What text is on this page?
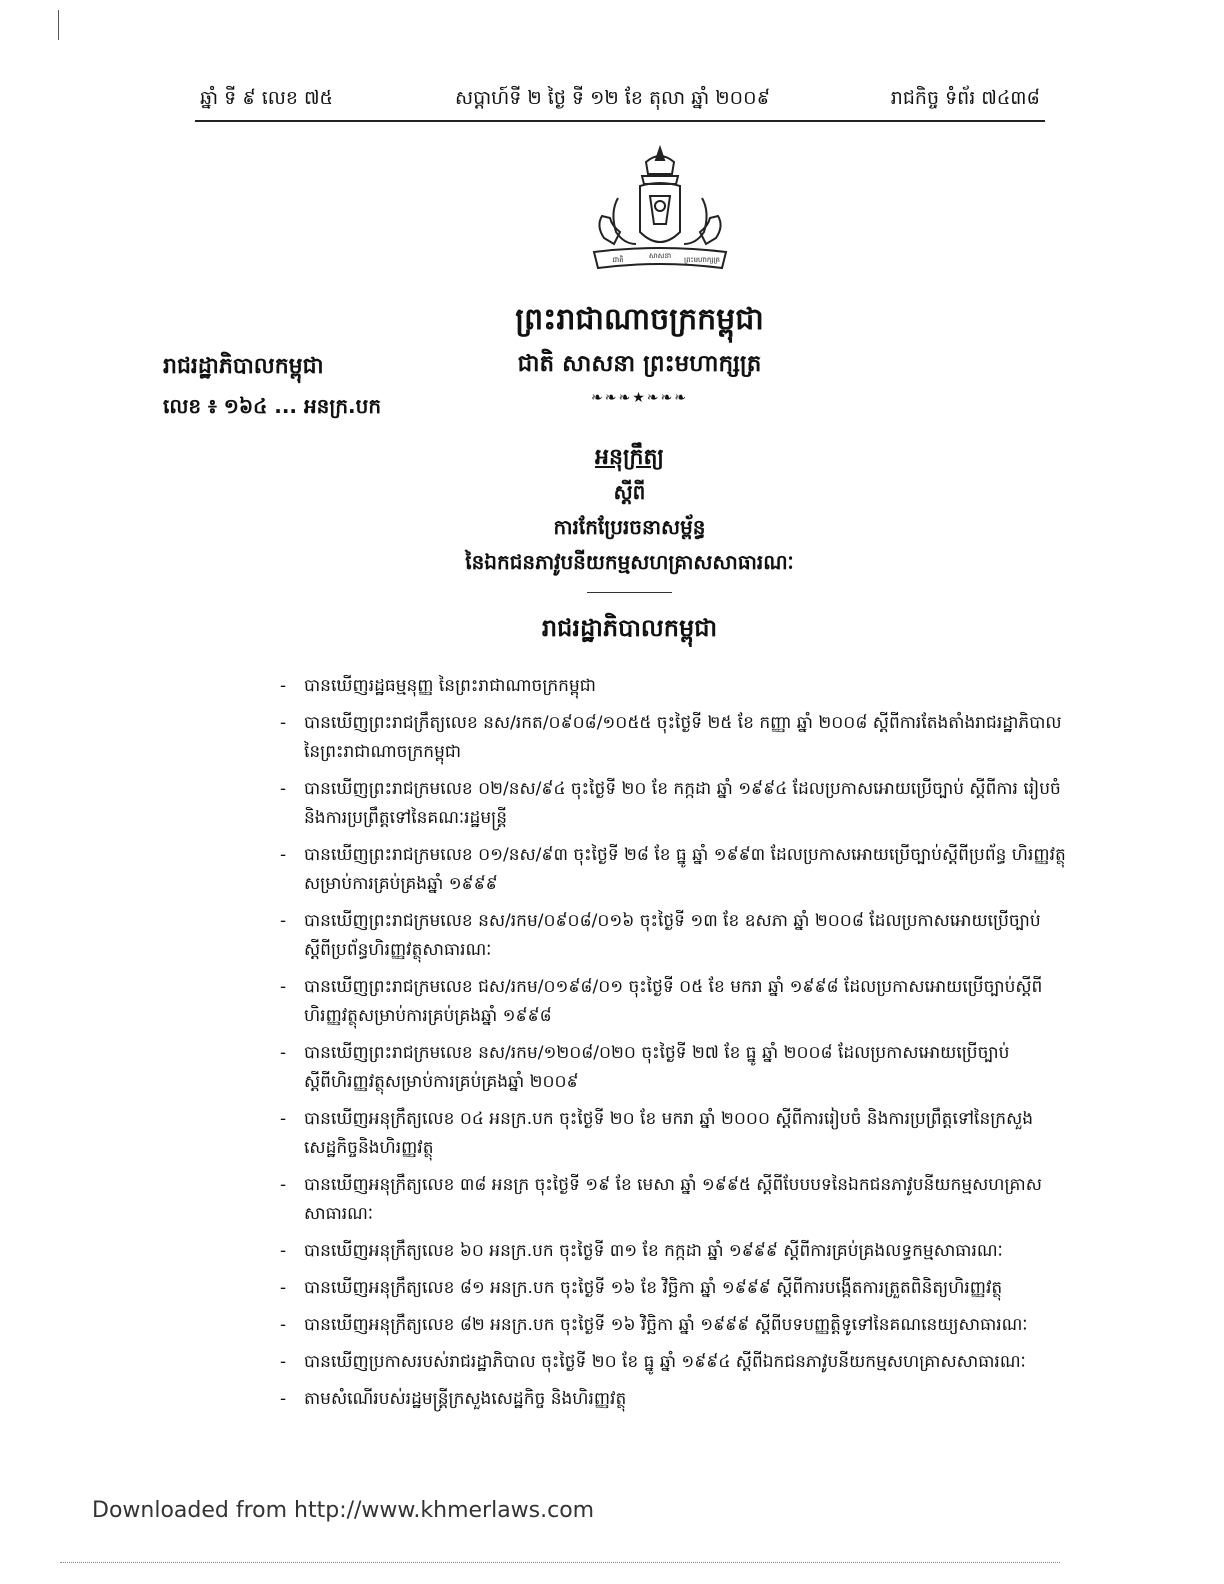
ឆ្នាំ ទី ៩ លេខ ៧៥	សប្តាហ៍ទី ២ ថ្ងៃ ទី ១២ ខែ តុលា ឆ្នាំ ២០០៩	រាជកិច្ច ទំព័រ ៧៤៣៨
ជាតិ	សាសនា ព្រះមហាក្សត្រ
ព្រះរាជាណាចក្រកម្ពុជា
ជាតិ សាសនា ព្រះមហាក្សត្រ
❧❧❧★❧❧❧
រាជរដ្ឋាភិបាលកម្ពុជា
លេខ ៖ ១៦៤ ... អនក្រ.បក
អនុក្រឹត្យ
ស្តីពី
ការកែប្រែរចនាសម្ព័ន្ធ
នៃឯកជនភាវូបនីយកម្មសហគ្រាសសាធារណៈ
រាជរដ្ឋាភិបាលកម្ពុជា
- បានឃើញរដ្ឋធម្មនុញ្ញ នៃព្រះរាជាណាចក្រកម្ពុជា
- បានឃើញព្រះរាជក្រឹត្យលេខ នស/រកត/០៩០៨/១០៥៥ ចុះថ្ងៃទី ២៥ ខែ កញ្ញា ឆ្នាំ ២០០៨ ស្តីពីការតែងតាំងរាជរដ្ឋាភិបាល នៃព្រះរាជាណាចក្រកម្ពុជា
- បានឃើញព្រះរាជក្រមលេខ ០២/នស/៩៤ ចុះថ្ងៃទី ២០ ខែ កក្កដា ឆ្នាំ ១៩៩៤ ដែលប្រកាសអោយប្រើច្បាប់ ស្តីពីការ រៀបចំ និងការប្រព្រឹត្តទៅនៃគណៈរដ្ឋមន្ត្រី
- បានឃើញព្រះរាជក្រមលេខ ០១/នស/៩៣ ចុះថ្ងៃទី ២៨ ខែ ធ្នូ ឆ្នាំ ១៩៩៣ ដែលប្រកាសអោយប្រើច្បាប់ស្តីពីប្រព័ន្ធ ហិរញ្ញវត្ថុសម្រាប់ការគ្រប់គ្រងឆ្នាំ ១៩៩៩
- បានឃើញព្រះរាជក្រមលេខ នស/រកម/០៩០៨/០១៦ ចុះថ្ងៃទី ១៣ ខែ ឧសភា ឆ្នាំ ២០០៨ ដែលប្រកាសអោយប្រើច្បាប់ ស្តីពីប្រព័ន្ធហិរញ្ញវត្ថុសាធារណៈ
- បានឃើញព្រះរាជក្រមលេខ ជស/រកម/០១៩៨/០១ ចុះថ្ងៃទី ០៥ ខែ មករា ឆ្នាំ ១៩៩៨ ដែលប្រកាសអោយប្រើច្បាប់ស្តីពី ហិរញ្ញវត្ថុសម្រាប់ការគ្រប់គ្រងឆ្នាំ ១៩៩៨
- បានឃើញព្រះរាជក្រមលេខ នស/រកម/១២០៨/០២០ ចុះថ្ងៃទី ២៧ ខែ ធ្នូ ឆ្នាំ ២០០៨ ដែលប្រកាសអោយប្រើច្បាប់ ស្តីពីហិរញ្ញវត្ថុសម្រាប់ការគ្រប់គ្រងឆ្នាំ ២០០៩
- បានឃើញអនុក្រឹត្យលេខ ០៤ អនក្រ.បក ចុះថ្ងៃទី ២០ ខែ មករា ឆ្នាំ ២០០០ ស្តីពីការរៀបចំ និងការប្រព្រឹត្តទៅនៃក្រសួង សេដ្ឋកិច្ចនិងហិរញ្ញវត្ថុ
- បានឃើញអនុក្រឹត្យលេខ ៣៨ អនក្រ ចុះថ្ងៃទី ១៩ ខែ មេសា ឆ្នាំ ១៩៩៥ ស្តីពីបែបបទនៃឯកជនភាវូបនីយកម្មសហគ្រាស សាធារណៈ
- បានឃើញអនុក្រឹត្យលេខ ៦០ អនក្រ.បក ចុះថ្ងៃទី ៣១ ខែ កក្កដា ឆ្នាំ ១៩៩៩ ស្តីពីការគ្រប់គ្រងលទ្ធកម្មសាធារណៈ
- បានឃើញអនុក្រឹត្យលេខ ៨១ អនក្រ.បក ចុះថ្ងៃទី ១៦ ខែ វិច្ឆិកា ឆ្នាំ ១៩៩៩ ស្តីពីការបង្កើតការត្រួតពិនិត្យហិរញ្ញវត្ថុ
- បានឃើញអនុក្រឹត្យលេខ ៨២ អនក្រ.បក ចុះថ្ងៃទី ១៦ វិច្ឆិកា ឆ្នាំ ១៩៩៩ ស្តីពីបទបញ្ញត្តិទូទៅនៃគណនេយ្យសាធារណៈ
- បានឃើញប្រកាសរបស់រាជរដ្ឋាភិបាល ចុះថ្ងៃទី ២០ ខែ ធ្នូ ឆ្នាំ ១៩៩៤ ស្តីពីឯកជនភាវូបនីយកម្មសហគ្រាសសាធារណៈ
- តាមសំណើរបស់រដ្ឋមន្ត្រីក្រសួងសេដ្ឋកិច្ច និងហិរញ្ញវត្ថុ
Downloaded from http://www.khmerlaws.com
